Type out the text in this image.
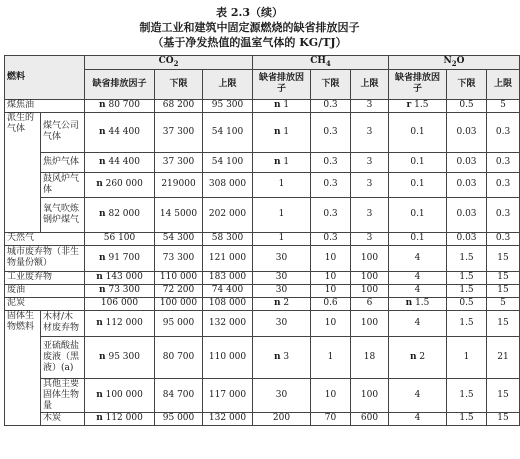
表 2.3（续）
制造工业和建筑中固定源燃烧的缺省排放因子
（基于净发热值的温室气体的 KG/TJ）
燃料		$CO_2$			$CH_4$			$N_2O$		
		缺省排放因子	下限	上限	缺省排放因子	下限	上限	缺省排放因子	下限	上限
煤焦油		n 80 700	68 200	95 300	n 1	0.3	3	r 1.5	0.5	5
派生的气体	煤气公司气体	n 44 400	37 300	54 100	n 1	0.3	3	0.1	0.03	0.3
	焦炉气体	n 44 400	37 300	54 100	n 1	0.3	3	0.1	0.03	0.3
	鼓风炉气体	n 260 000	219000	308 000	1	0.3	3	0.1	0.03	0.3
	氧气吹炼钢炉煤气	n 82 000	14 5000	202 000	1	0.3	3	0.1	0.03	0.3
天然气		56 100	54 300	58 300	1	0.3	3	0.1	0.03	0.3
城市废弃物（非生物量份额）		n 91 700	73 300	121 000	30	10	100	4	1.5	15
工业废弃物		n 143 000	110 000	183 000	30	10	100	4	1.5	15
废油		n 73 300	72 200	74 400	30	10	100	4	1.5	15
泥炭		106 000	100 000	108 000	n 2	0.6	6	n 1.5	0.5	5
固体生物燃料	木材/木材废弃物	n 112 000	95 000	132 000	30	10	100	4	1.5	15
	亚硫酸盐废液（黑液）(a)	n 95 300	80 700	110 000	n 3	1	18	n 2	1	21
	其他主要固体生物量	n 100 000	84 700	117 000	30	10	100	4	1.5	15
	木炭	n 112 000	95 000	132 000	200	70	600	4	1.5	15
